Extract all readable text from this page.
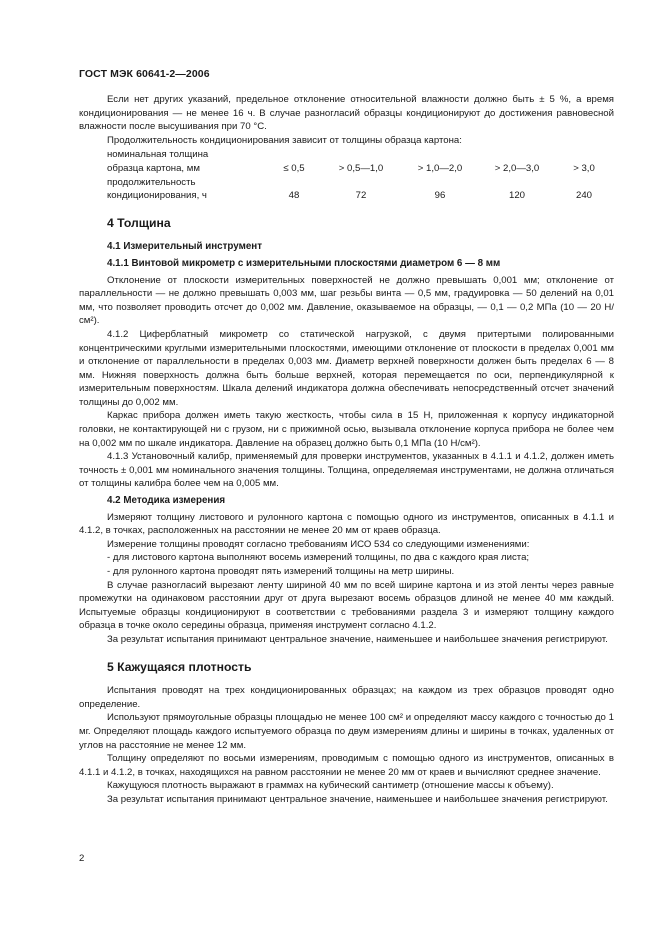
ГОСТ МЭК 60641-2—2006

Если нет других указаний, предельное отклонение относительной влажности должно быть ± 5 %, а время кондиционирования — не менее 16 ч. В случае разногласий образцы кондиционируют до достижения равновесной влажности после высушивания при 70 °С.

Продолжительность кондиционирования зависит от толщины образца картона:

номинальная толщина					
образца картона, мм	≤ 0,5	> 0,5—1,0	> 1,0—2,0	> 2,0—3,0	> 3,0
продолжительность					
кондиционирования, ч	48	72	96	120	240
4 Толщина
4.1 Измерительный инструмент
4.1.1 Винтовой микрометр с измерительными плоскостями диаметром 6 — 8 мм

Отклонение от плоскости измерительных поверхностей не должно превышать 0,001 мм; отклонение от параллельности — не должно превышать 0,003 мм, шаг резьбы винта — 0,5 мм, градуировка — 50 делений на 0,01 мм, что позволяет проводить отсчет до 0,002 мм. Давление, оказываемое на образцы, — 0,1 — 0,2 МПа (10 — 20 Н/см²).

4.1.2 Циферблатный микрометр со статической нагрузкой, с двумя притертыми полированными концентрическими круглыми измерительными плоскостями, имеющими отклонение от плоскости в пределах 0,001 мм и отклонение от параллельности в пределах 0,003 мм. Диаметр верхней поверхности должен быть пределах 6 — 8 мм. Нижняя поверхность должна быть больше верхней, которая перемещается по оси, перпендикулярной к измерительным поверхностям. Шкала делений индикатора должна обеспечивать непосредственный отсчет значений толщины до 0,002 мм.

Каркас прибора должен иметь такую жесткость, чтобы сила в 15 Н, приложенная к корпусу индикаторной головки, не контактирующей ни с грузом, ни с прижимной осью, вызывала отклонение корпуса прибора не более чем на 0,002 мм по шкале индикатора. Давление на образец должно быть 0,1 МПа (10 Н/см²).

4.1.3 Установочный калибр, применяемый для проверки инструментов, указанных в 4.1.1 и 4.1.2, должен иметь точность ± 0,001 мм номинального значения толщины. Толщина, определяемая инструментами, не должна отличаться от толщины калибра более чем на 0,005 мм.

4.2 Методика измерения

Измеряют толщину листового и рулонного картона с помощью одного из инструментов, описанных в 4.1.1 и 4.1.2, в точках, расположенных на расстоянии не менее 20 мм от краев образца.

Измерение толщины проводят согласно требованиям ИСО 534 со следующими изменениями:

- для листового картона выполняют восемь измерений толщины, по два с каждого края листа;

- для рулонного картона проводят пять измерений толщины на метр ширины.

В случае разногласий вырезают ленту шириной 40 мм по всей ширине картона и из этой ленты через равные промежутки на одинаковом расстоянии друг от друга вырезают восемь образцов длиной не менее 40 мм каждый. Испытуемые образцы кондиционируют в соответствии с требованиями раздела 3 и измеряют толщину каждого образца в точке около середины образца, применяя инструмент согласно 4.1.2.

За результат испытания принимают центральное значение, наименьшее и наибольшее значения регистрируют.

5 Кажущаяся плотность

Испытания проводят на трех кондиционированных образцах; на каждом из трех образцов проводят одно определение.

Используют прямоугольные образцы площадью не менее 100 см² и определяют массу каждого с точностью до 1 мг. Определяют площадь каждого испытуемого образца по двум измерениям длины и ширины в точках, удаленных от углов на расстояние не менее 12 мм.

Толщину определяют по восьми измерениям, проводимым с помощью одного из инструментов, описанных в 4.1.1 и 4.1.2, в точках, находящихся на равном расстоянии не менее 20 мм от краев и вычисляют среднее значение.

Кажущуюся плотность выражают в граммах на кубический сантиметр (отношение массы к объему).

За результат испытания принимают центральное значение, наименьшее и наибольшее значения регистрируют.

2
